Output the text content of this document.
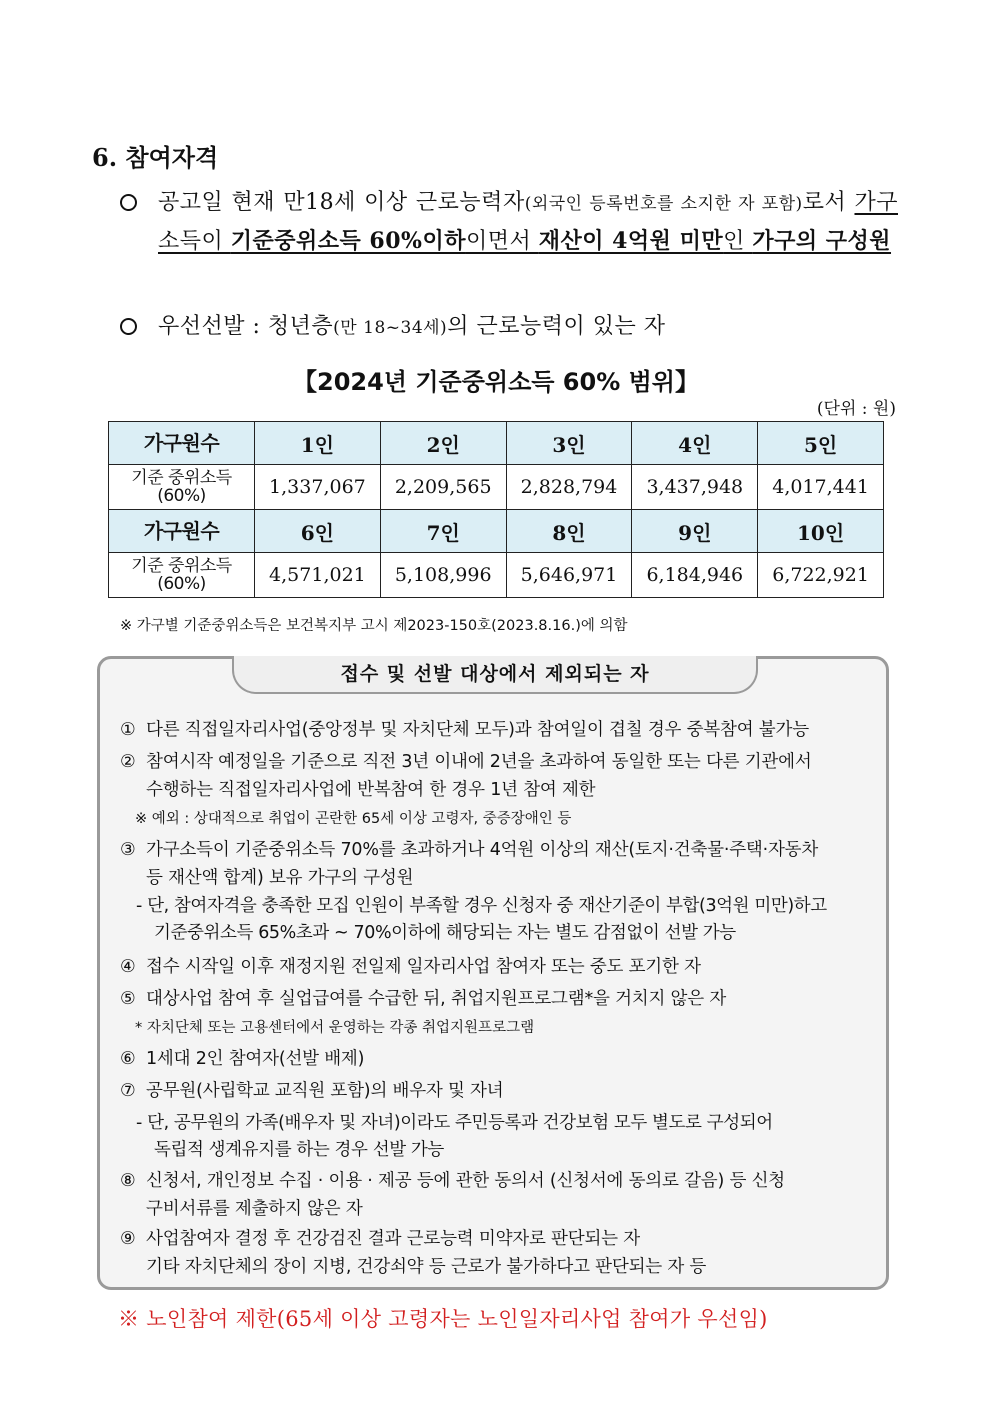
6. 참여자격
공고일 현재 만18세 이상 근로능력자(외국인 등록번호를 소지한 자 포함)로서 가구소득이 기준중위소득 60%이하이면서 재산이 4억원 미만인 가구의 구성원
우선선발 : 청년층(만 18~34세)의 근로능력이 있는 자
【2024년 기준중위소득 60% 범위】
(단위 : 원)
가구원수	1인	2인	3인	4인	5인
기준 중위소득
(60%)	1,337,067	2,209,565	2,828,794	3,437,948	4,017,441
가구원수	6인	7인	8인	9인	10인
기준 중위소득
(60%)	4,571,021	5,108,996	5,646,971	6,184,946	6,722,921
※ 가구별 기준중위소득은 보건복지부 고시 제2023-150호(2023.8.16.)에 의함
접수 및 선발 대상에서 제외되는 자
① 다른 직접일자리사업(중앙정부 및 자치단체 모두)과 참여일이 겹칠 경우 중복참여 불가능
② 참여시작 예정일을 기준으로 직전 3년 이내에 2년을 초과하여 동일한 또는 다른 기관에서
수행하는 직접일자리사업에 반복참여 한 경우 1년 참여 제한
※ 예외 : 상대적으로 취업이 곤란한 65세 이상 고령자, 중증장애인 등
③ 가구소득이 기준중위소득 70%를 초과하거나 4억원 이상의 재산(토지·건축물·주택·자동차
등 재산액 합계) 보유 가구의 구성원
- 단, 참여자격을 충족한 모집 인원이 부족할 경우 신청자 중 재산기준이 부합(3억원 미만)하고
기준중위소득 65%초과 ~ 70%이하에 해당되는 자는 별도 감점없이 선발 가능
④ 접수 시작일 이후 재정지원 전일제 일자리사업 참여자 또는 중도 포기한 자
⑤ 대상사업 참여 후 실업급여를 수급한 뒤, 취업지원프로그램*을 거치지 않은 자
* 자치단체 또는 고용센터에서 운영하는 각종 취업지원프로그램
⑥ 1세대 2인 참여자(선발 배제)
⑦ 공무원(사립학교 교직원 포함)의 배우자 및 자녀
- 단, 공무원의 가족(배우자 및 자녀)이라도 주민등록과 건강보험 모두 별도로 구성되어
독립적 생계유지를 하는 경우 선발 가능
⑧ 신청서, 개인정보 수집 · 이용 · 제공 등에 관한 동의서 (신청서에 동의로 갈음) 등 신청
구비서류를 제출하지 않은 자
⑨ 사업참여자 결정 후 건강검진 결과 근로능력 미약자로 판단되는 자
기타 자치단체의 장이 지병, 건강쇠약 등 근로가 불가하다고 판단되는 자 등
※ 노인참여 제한(65세 이상 고령자는 노인일자리사업 참여가 우선임)
